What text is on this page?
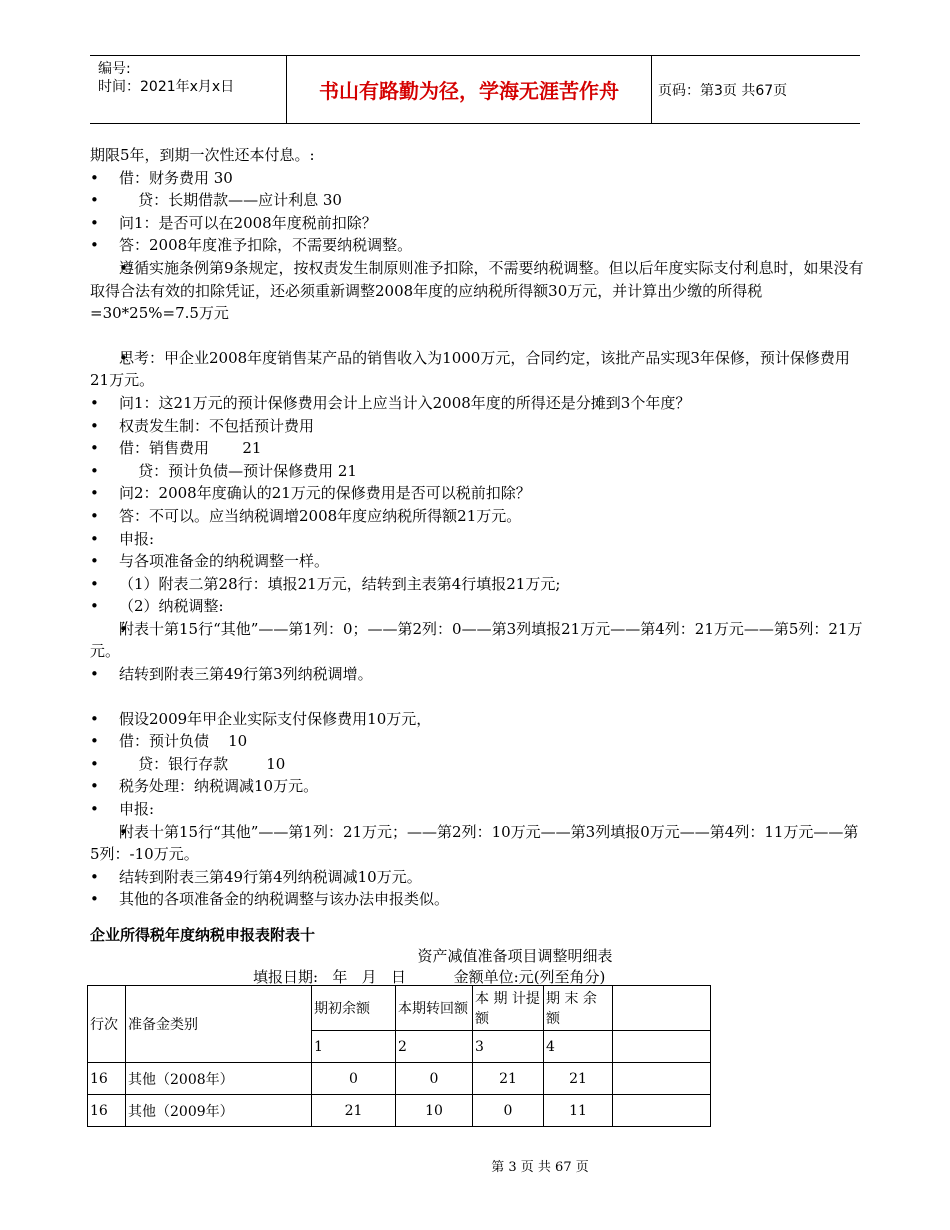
编号:
时间：2021年x月x日	书山有路勤为径，学海无涯苦作舟	页码：第3页 共67页

期限5年，到期一次性还本付息。:

• 借：财务费用 30

•     贷：长期借款——应计利息 30

• 问1：是否可以在2008年度税前扣除？

• 答：2008年度准予扣除，不需要纳税调整。

• 遵循实施条例第9条规定，按权责发生制原则准予扣除，不需要纳税调整。但以后年度实际支付利息时，如果没有取得合法有效的扣除凭证，还必须重新调整2008年度的应纳税所得额30万元，并计算出少缴的所得税=30*25%=7.5万元

• 思考：甲企业2008年度销售某产品的销售收入为1000万元，合同约定，该批产品实现3年保修，预计保修费用21万元。

• 问1：这21万元的预计保修费用会计上应当计入2008年度的所得还是分摊到3个年度？

• 权责发生制：不包括预计费用

• 借：销售费用       21

•     贷：预计负债—预计保修费用 21

• 问2：2008年度确认的21万元的保修费用是否可以税前扣除？

• 答：不可以。应当纳税调增2008年度应纳税所得额21万元。

• 申报:

• 与各项准备金的纳税调整一样。

• （1）附表二第28行：填报21万元，结转到主表第4行填报21万元;

• （2）纳税调整:

• 附表十第15行“其他”——第1列：0；——第2列：0——第3列填报21万元——第4列：21万元——第5列：21万元。

• 结转到附表三第49行第3列纳税调增。

• 假设2009年甲企业实际支付保修费用10万元，

• 借：预计负债    10

•     贷：银行存款        10

• 税务处理：纳税调减10万元。

• 申报:

• 附表十第15行“其他”——第1列：21万元；——第2列：10万元——第3列填报0万元——第4列：11万元——第5列：-10万元。

• 结转到附表三第49行第4列纳税调减10万元。

• 其他的各项准备金的纳税调整与该办法申报类似。

企业所得税年度纳税申报表附表十
资产减值准备项目调整明细表
填报日期:   年   月   日          金额单位:元(列至角分)
行次	准备金类别	期初余额	本期转回额	本 期 计提额	期 末 余额	
		1	2	3	4	
16	其他（2008年）	0	0	21	21	
16	其他（2009年）	21	10	0	11	
第 3 页 共 67 页
